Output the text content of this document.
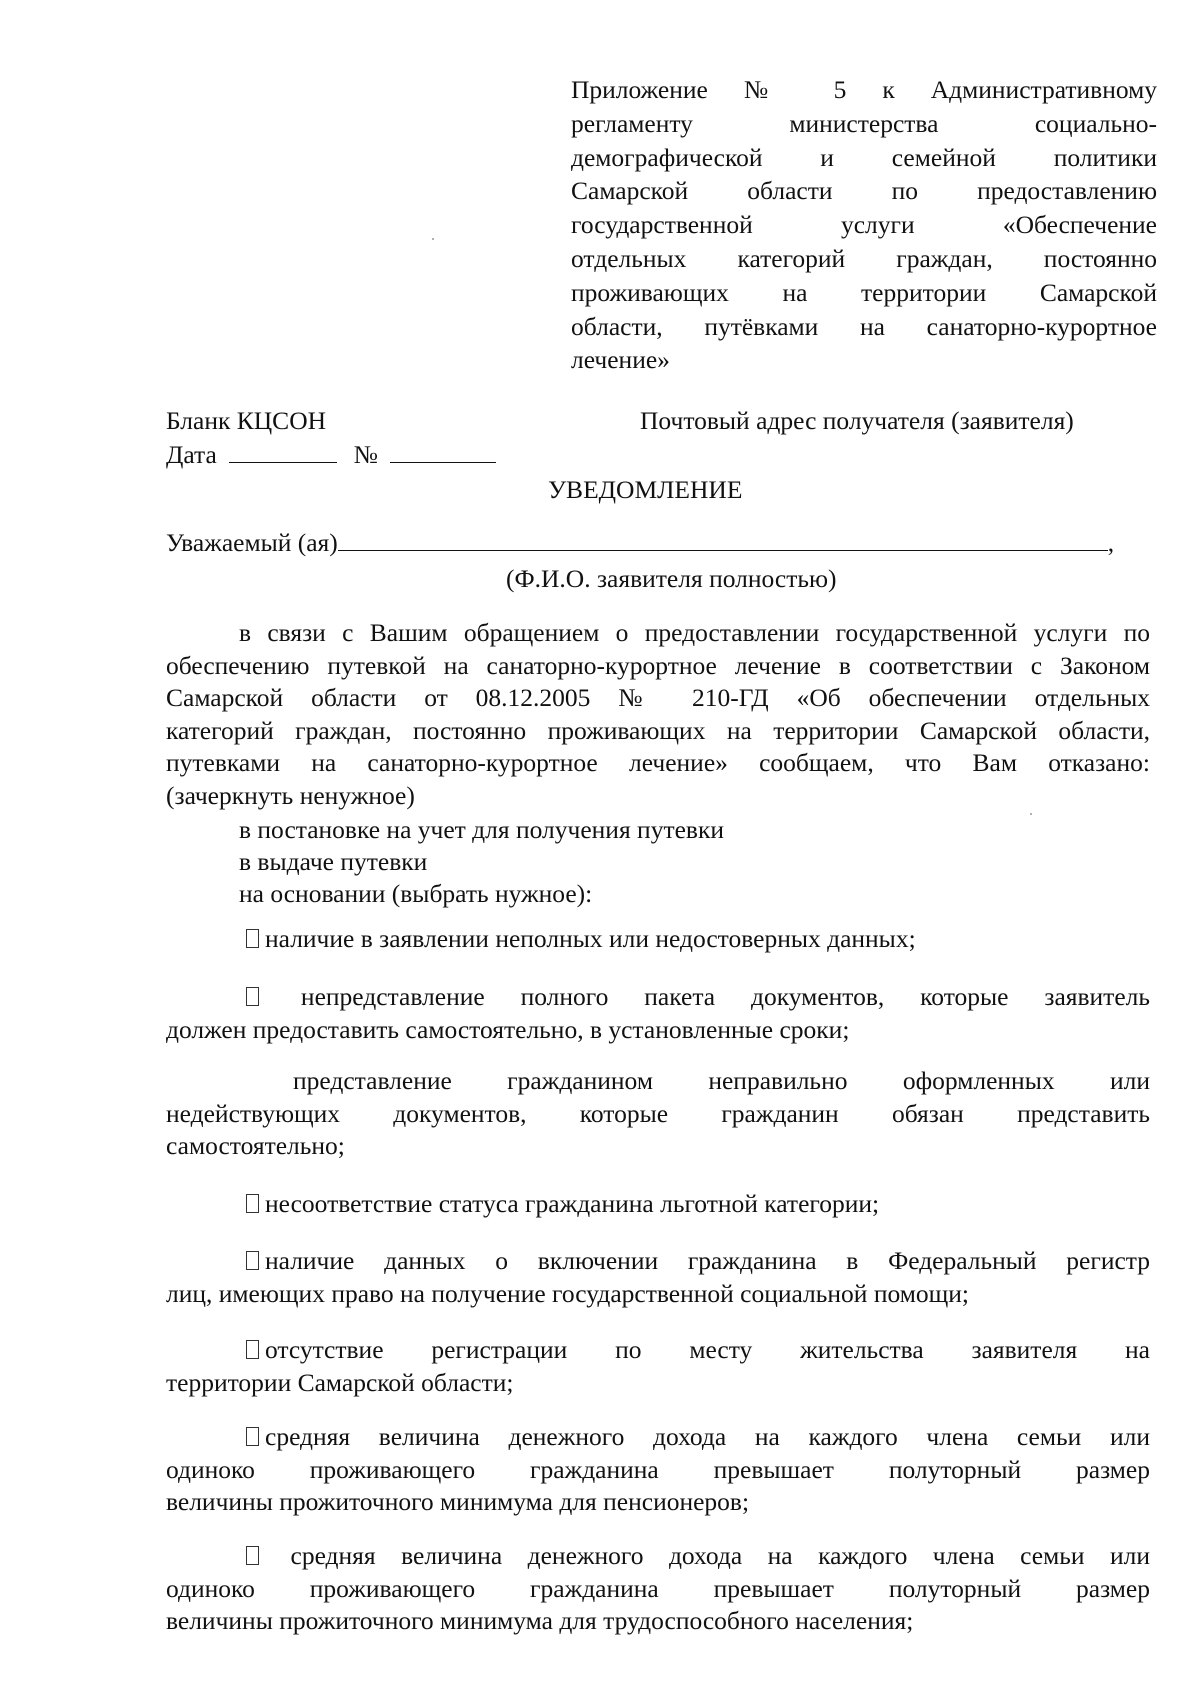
Приложение № 5 к Административному
регламенту министерства социально-
демографической и семейной политики
Самарской области по предоставлению
государственной услуги «Обеспечение
отдельных категорий граждан, постоянно
проживающих на территории Самарской
области, путёвками на санаторно-курортное
лечение»
Бланк КЦСОН	Почтовый адрес получателя (заявителя)
Дата	№
УВЕДОМЛЕНИЕ
Уважаемый (ая)	,
(Ф.И.О. заявителя полностью)
в связи с Вашим обращением о предоставлении государственной услуги по
обеспечению путевкой на санаторно-курортное лечение в соответствии с Законом
Самарской области от 08.12.2005 № 210-ГД «Об обеспечении отдельных
категорий граждан, постоянно проживающих на территории Самарской области,
путевками на санаторно-курортное лечение» сообщаем, что Вам отказано:
(зачеркнуть ненужное)
в постановке на учет для получения путевки
в выдаче путевки
на основании (выбрать нужное):
наличие в заявлении неполных или недостоверных данных;
непредставление полного пакета документов, которые заявитель
должен предоставить самостоятельно, в установленные сроки;
представление гражданином неправильно оформленных или
недействующих документов, которые гражданин обязан представить
самостоятельно;
несоответствие статуса гражданина льготной категории;
наличие данных о включении гражданина в Федеральный регистр
лиц, имеющих право на получение государственной социальной помощи;
отсутствие регистрации по месту жительства заявителя на
территории Самарской области;
средняя величина денежного дохода на каждого члена семьи или
одиноко проживающего гражданина превышает полуторный размер
величины прожиточного минимума для пенсионеров;
средняя величина денежного дохода на каждого члена семьи или
одиноко проживающего гражданина превышает полуторный размер
величины прожиточного минимума для трудоспособного населения;
